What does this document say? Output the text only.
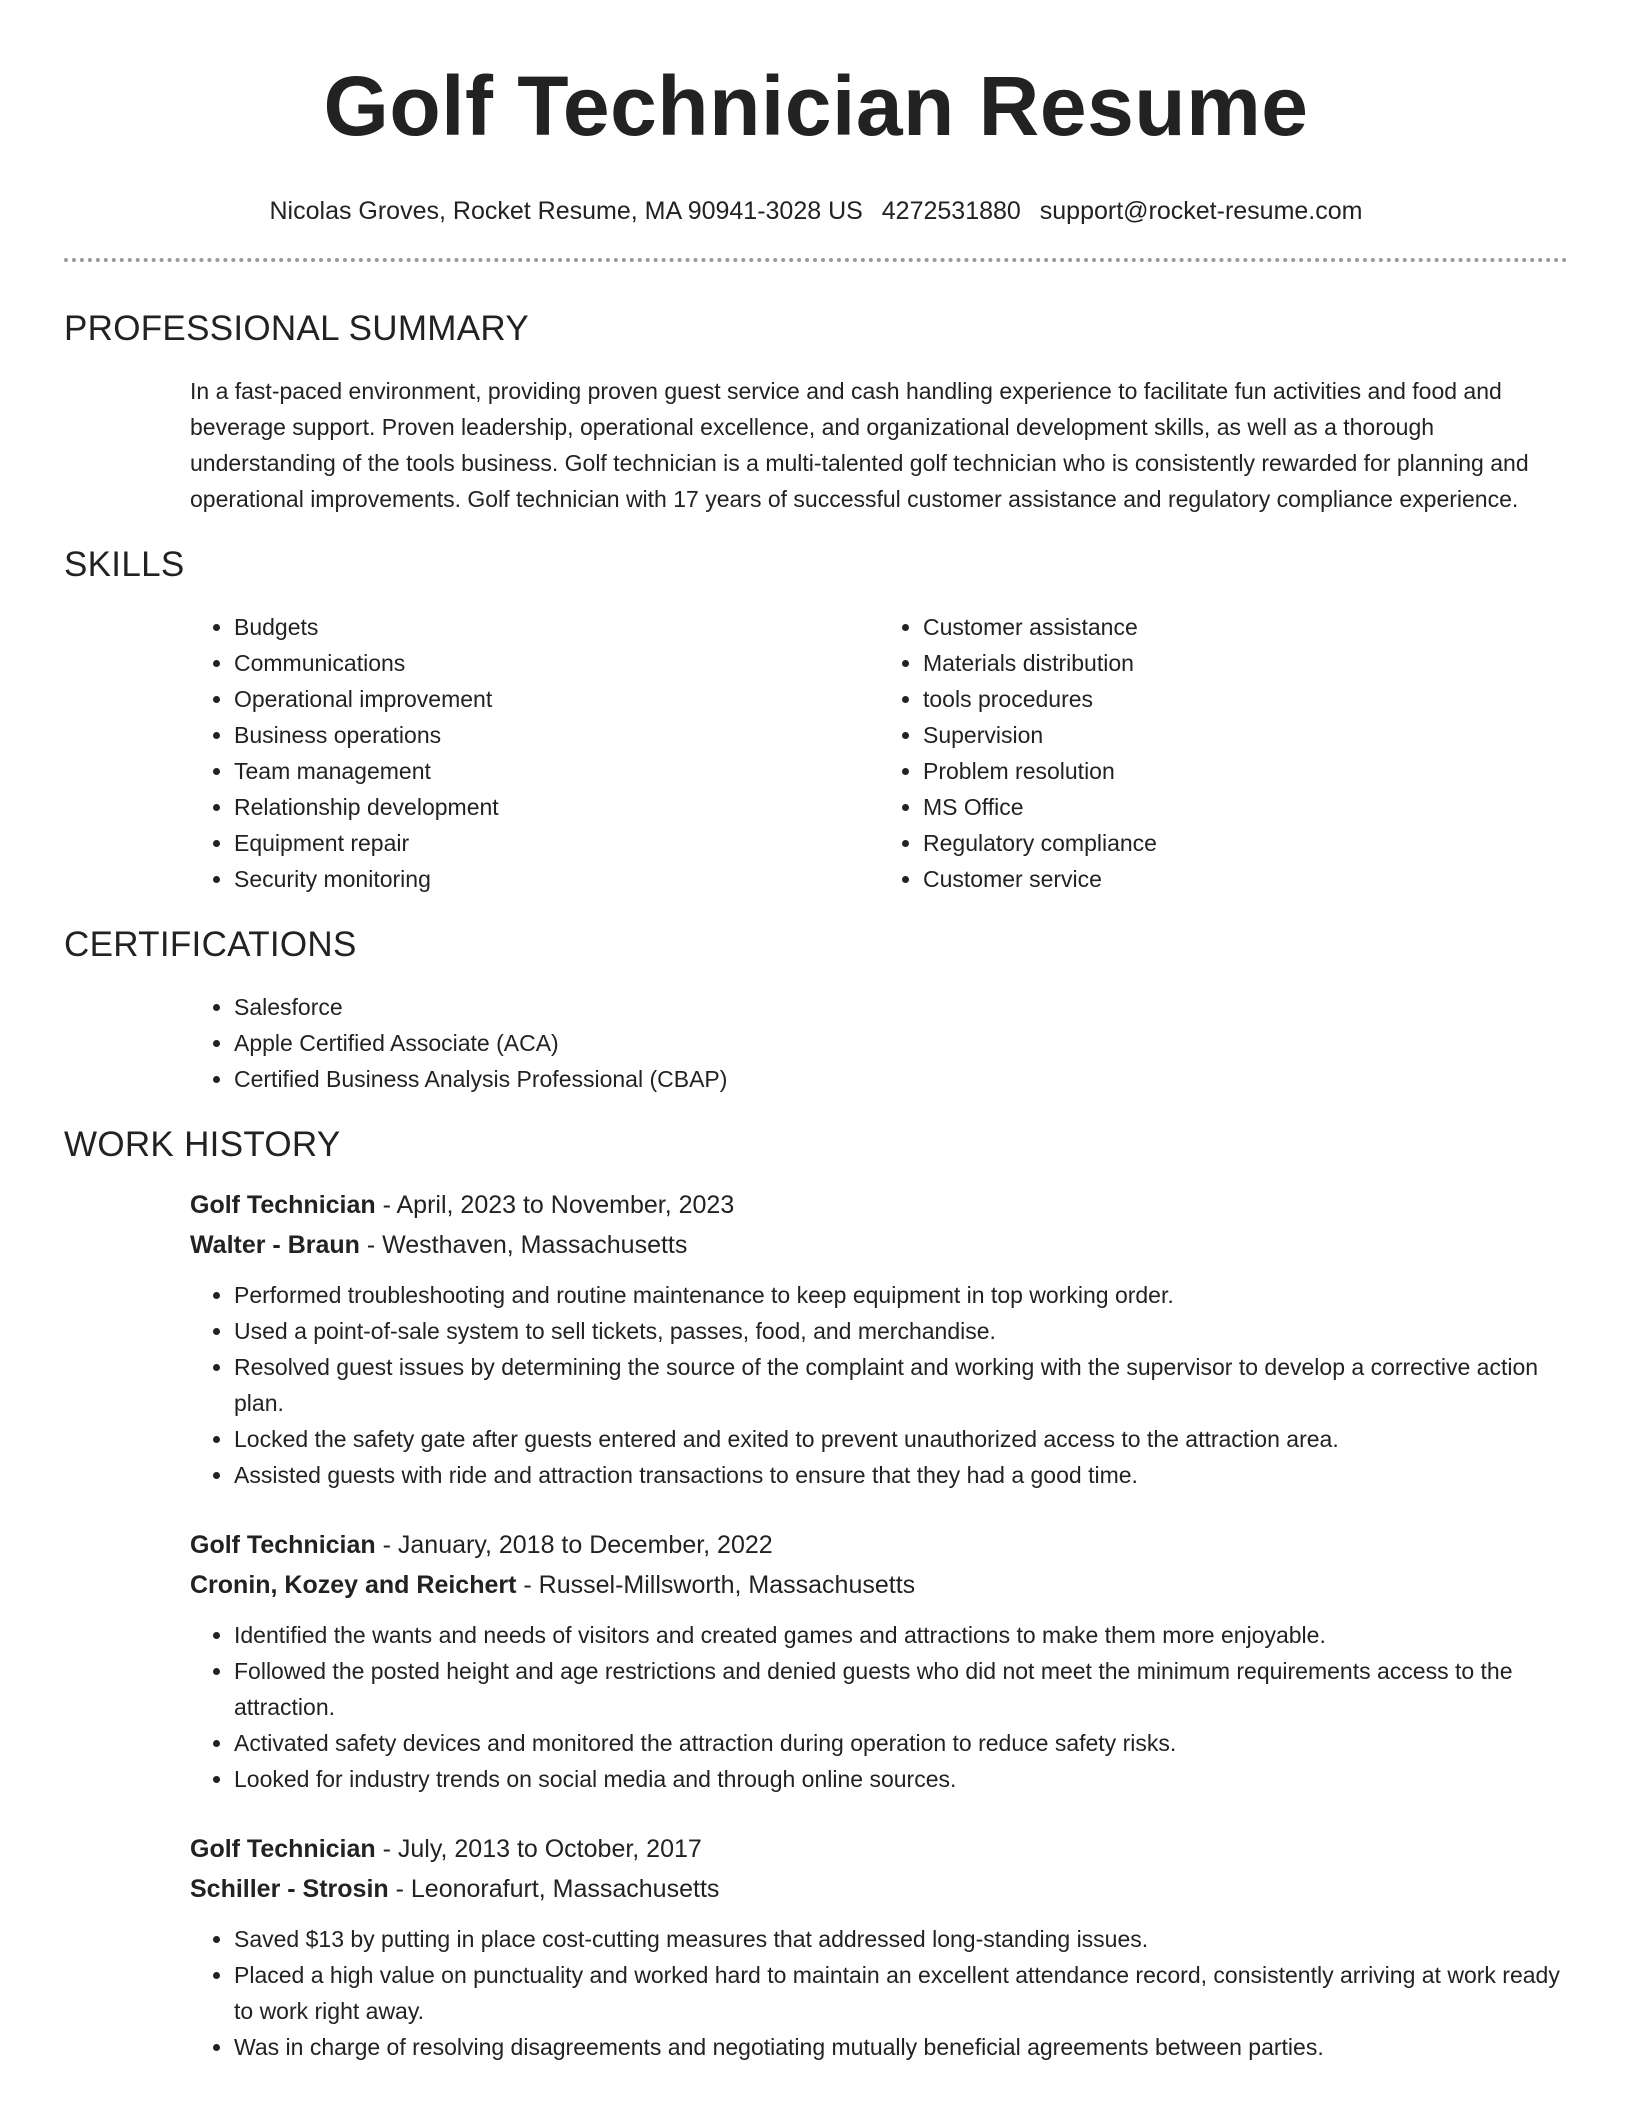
Golf Technician Resume
Nicolas Groves, Rocket Resume, MA 90941-3028 US 4272531880 support@rocket-resume.com
PROFESSIONAL SUMMARY

In a fast-paced environment, providing proven guest service and cash handling experience to facilitate fun activities and food and beverage support. Proven leadership, operational excellence, and organizational development skills, as well as a thorough understanding of the tools business. Golf technician is a multi-talented golf technician who is consistently rewarded for planning and operational improvements. Golf technician with 17 years of successful customer assistance and regulatory compliance experience.

SKILLS
• Budgets
• Communications
• Operational improvement
• Business operations
• Team management
• Relationship development
• Equipment repair
• Security monitoring
• Customer assistance
• Materials distribution
• tools procedures
• Supervision
• Problem resolution
• MS Office
• Regulatory compliance
• Customer service
CERTIFICATIONS
• Salesforce
• Apple Certified Associate (ACA)
• Certified Business Analysis Professional (CBAP)
WORK HISTORY
Golf Technician - April, 2023 to November, 2023
Walter - Braun - Westhaven, Massachusetts
• Performed troubleshooting and routine maintenance to keep equipment in top working order.
• Used a point-of-sale system to sell tickets, passes, food, and merchandise.
• Resolved guest issues by determining the source of the complaint and working with the supervisor to develop a corrective action plan.
• Locked the safety gate after guests entered and exited to prevent unauthorized access to the attraction area.
• Assisted guests with ride and attraction transactions to ensure that they had a good time.
Golf Technician - January, 2018 to December, 2022
Cronin, Kozey and Reichert - Russel-Millsworth, Massachusetts
• Identified the wants and needs of visitors and created games and attractions to make them more enjoyable.
• Followed the posted height and age restrictions and denied guests who did not meet the minimum requirements access to the attraction.
• Activated safety devices and monitored the attraction during operation to reduce safety risks.
• Looked for industry trends on social media and through online sources.
Golf Technician - July, 2013 to October, 2017
Schiller - Strosin - Leonorafurt, Massachusetts
• Saved $13 by putting in place cost-cutting measures that addressed long-standing issues.
• Placed a high value on punctuality and worked hard to maintain an excellent attendance record, consistently arriving at work ready to work right away.
• Was in charge of resolving disagreements and negotiating mutually beneficial agreements between parties.
